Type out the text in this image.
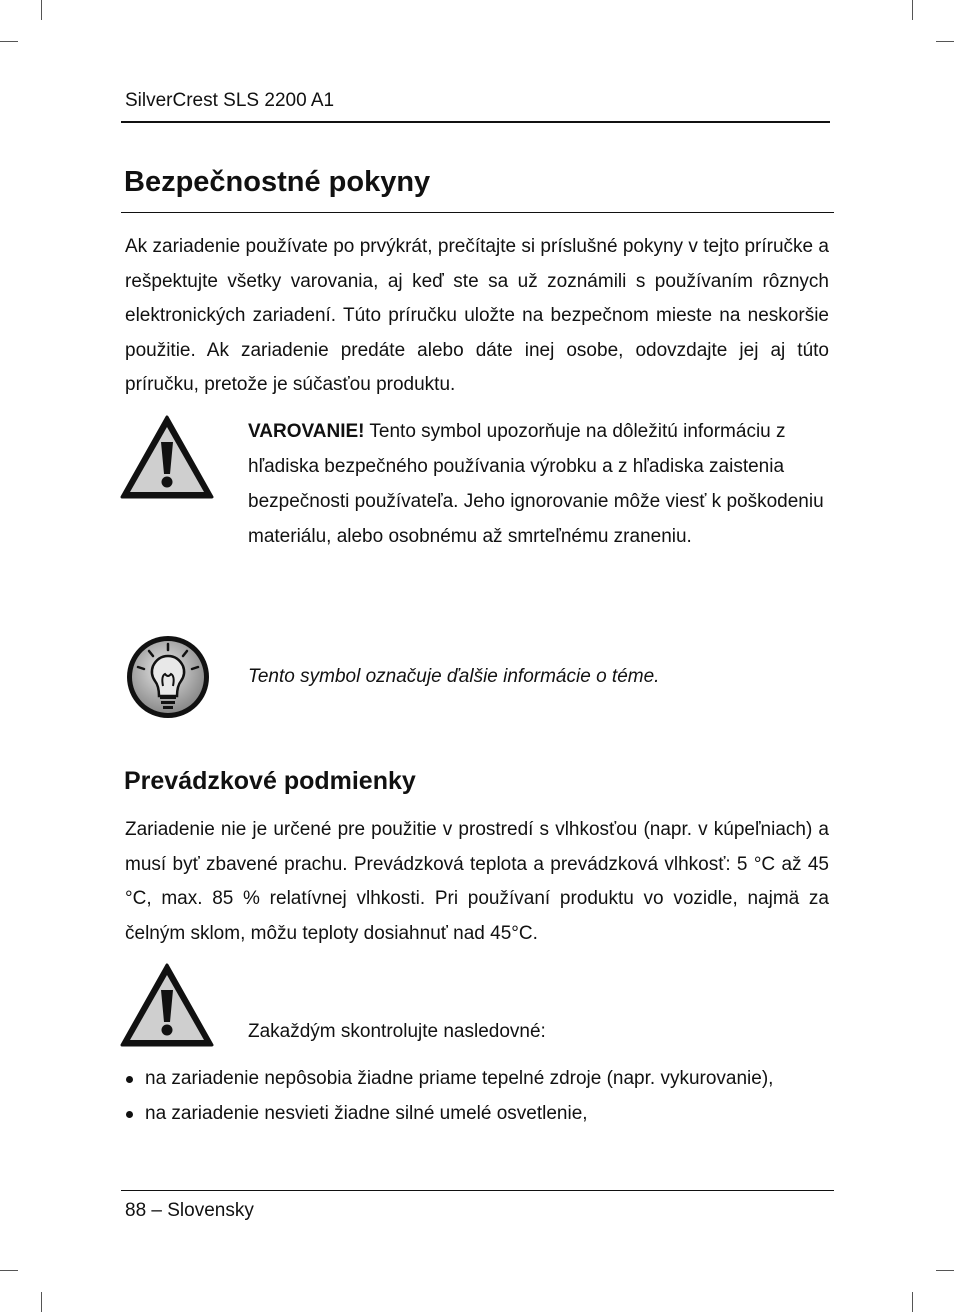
SilverCrest SLS 2200 A1
Bezpečnostné pokyny

Ak zariadenie používate po prvýkrát, prečítajte si príslušné pokyny v tejto príručke a rešpektujte všetky varovania, aj keď ste sa už zoznámili s používaním rôznych elektronických zariadení. Túto príručku uložte na bezpečnom mieste na neskoršie použitie. Ak zariadenie predáte alebo dáte inej osobe, odovzdajte jej aj túto príručku, pretože je súčasťou produktu.

VAROVANIE! Tento symbol upozorňuje na dôležitú informáciu z hľadiska bezpečného používania výrobku a z hľadiska zaistenia bezpečnosti používateľa. Jeho ignorovanie môže viesť k poškodeniu materiálu, alebo osobnému až smrteľnému zraneniu.

Tento symbol označuje ďalšie informácie o téme.

Prevádzkové podmienky

Zariadenie nie je určené pre použitie v prostredí s vlhkosťou (napr. v kúpeľniach) a musí byť zbavené prachu. Prevádzková teplota a prevádzková vlhkosť: 5 °C až 45 °C, max. 85 % relatívnej vlhkosti. Pri používaní produktu vo vozidle, najmä za čelným sklom, môžu teploty dosiahnuť nad 45°C.

Zakaždým skontrolujte nasledovné:

na zariadenie nepôsobia žiadne priame tepelné zdroje (napr. vykurovanie),
na zariadenie nesvieti žiadne silné umelé osvetlenie,
88 – Slovensky
